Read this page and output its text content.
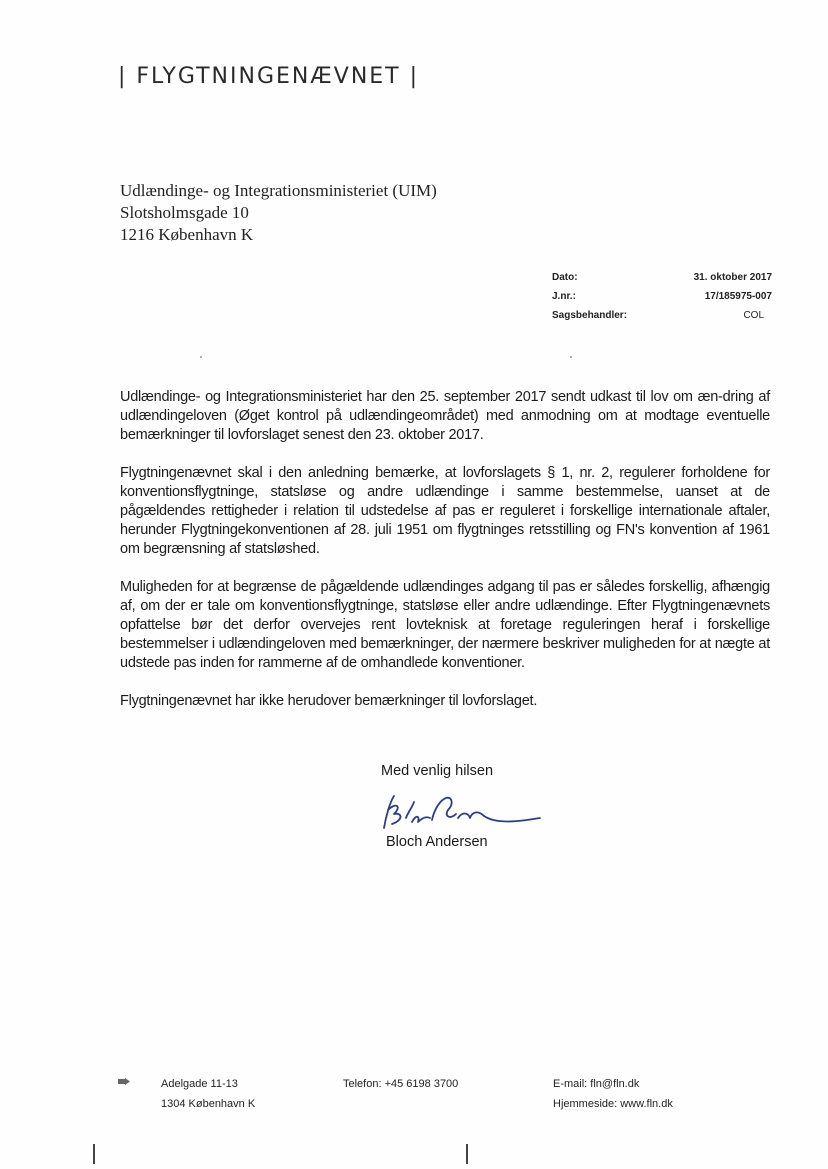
| FLYGTNINGENÆVNET |
Udlændinge- og Integrationsministeriet (UIM)
Slotsholmsgade 10
1216 København K
Dato:	31. oktober 2017
J.nr.:	17/185975-007
Sagsbehandler:	COL

Udlændinge- og Integrationsministeriet har den 25. september 2017 sendt udkast til lov om æn-dring af udlændingeloven (Øget kontrol på udlændingeområdet) med anmodning om at modtage eventuelle bemærkninger til lovforslaget senest den 23. oktober 2017.

Flygtningenævnet skal i den anledning bemærke, at lovforslagets § 1, nr. 2, regulerer forholdene for konventionsflygtninge, statsløse og andre udlændinge i samme bestemmelse, uanset at de pågældendes rettigheder i relation til udstedelse af pas er reguleret i forskellige internationale aftaler, herunder Flygtningekonventionen af 28. juli 1951 om flygtninges retsstilling og FN's konvention af 1961 om begrænsning af statsløshed.

Muligheden for at begrænse de pågældende udlændinges adgang til pas er således forskellig, afhængig af, om der er tale om konventionsflygtninge, statsløse eller andre udlændinge. Efter Flygtningenævnets opfattelse bør det derfor overvejes rent lovteknisk at foretage reguleringen heraf i forskellige bestemmelser i udlændingeloven med bemærkninger, der nærmere beskriver muligheden for at nægte at udstede pas inden for rammerne af de omhandlede konventioner.

Flygtningenævnet har ikke herudover bemærkninger til lovforslaget.

Med venlig hilsen
Bloch Andersen
Adelgade 11-13
1304 København K
Telefon: +45 6198 3700	E-mail: fln@fln.dk
Hjemmeside: www.fln.dk
